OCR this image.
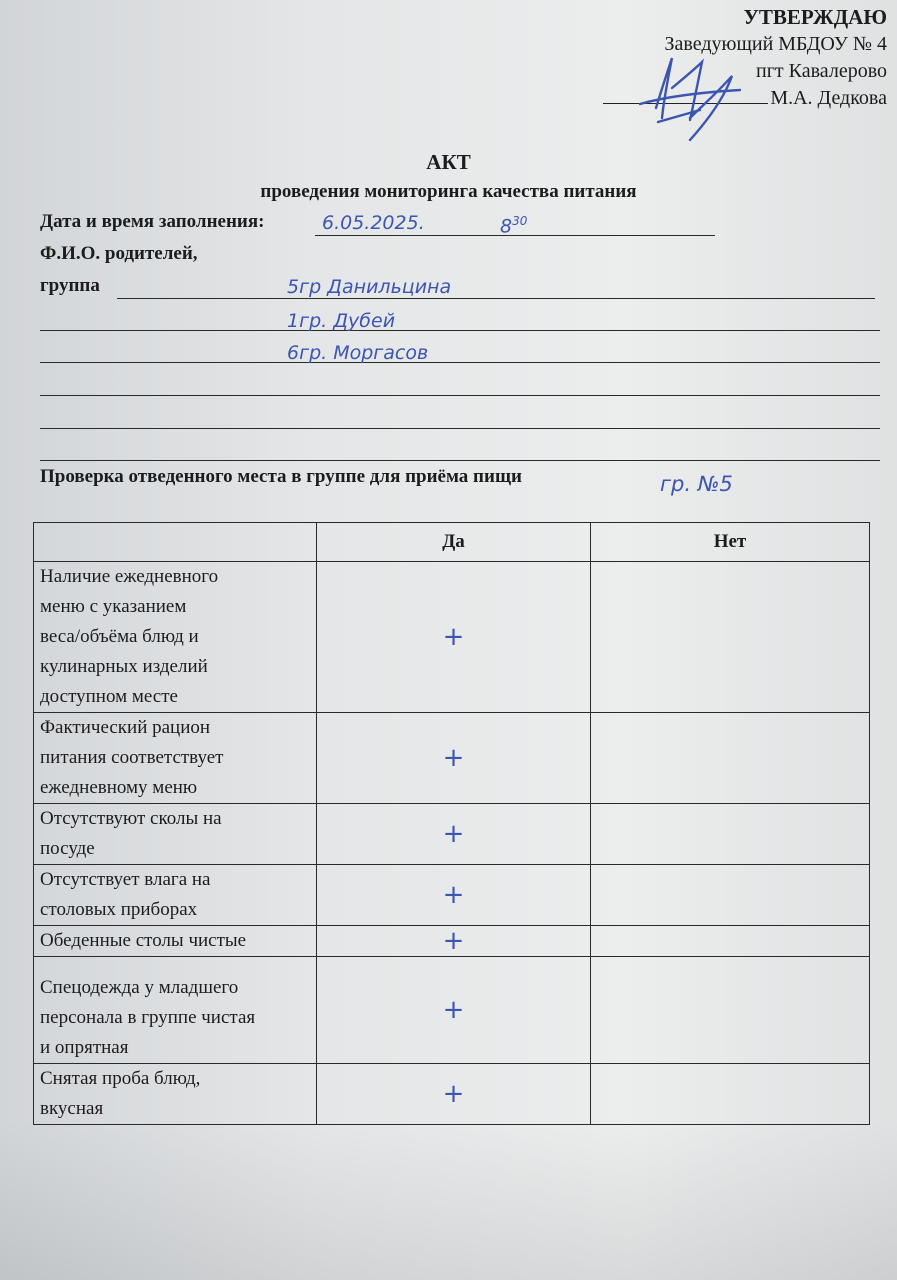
УТВЕРЖДАЮ
Заведующий МБДОУ № 4
пгт Кавалерово
М.А. Дедкова
АКТ
проведения мониторинга качества питания
Дата и время заполнения:	6.05.2025.	$8^{30}$
Ф.И.О. родителей,
группа	5гр Данильцина
1гр. Дубей
6гр. Моргасов
Проверка отведенного места в группе для приёма пищи	гр. №5
	Да	Нет

Наличие ежедневного
меню с указанием
веса/объёма блюд и
кулинарных изделий
доступном месте	+	

Фактический рацион
питания соответствует
ежедневному меню	+	

Отсутствуют сколы на
посуде	+	

Отсутствует влага на
столовых приборах	+	

Обеденные столы чистые	+	

Спецодежда у младшего
персонала в группе чистая
и опрятная	+	

Снятая проба блюд,
вкусная	+	
